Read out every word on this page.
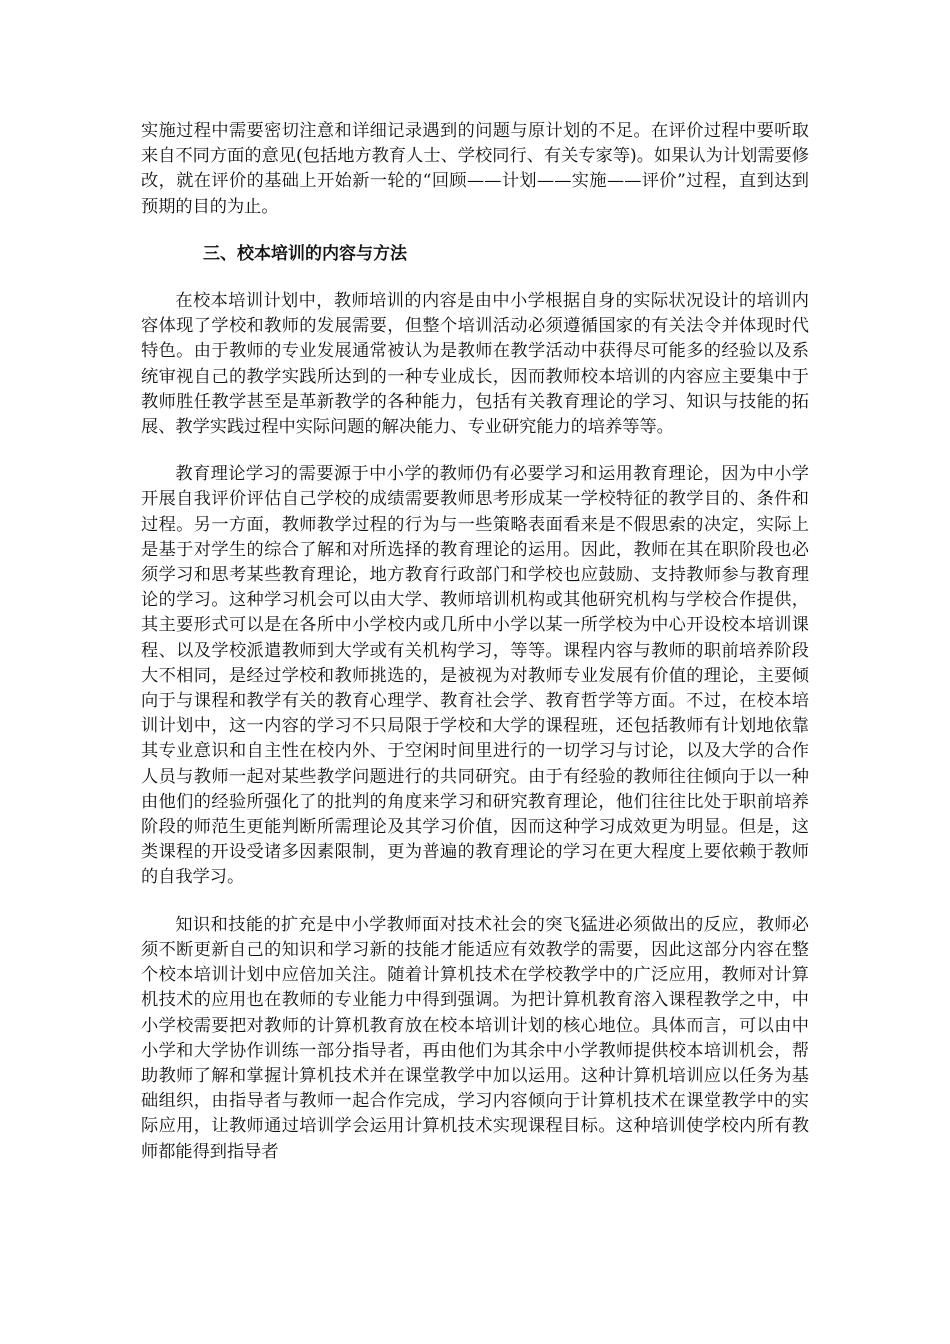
实施过程中需要密切注意和详细记录遇到的问题与原计划的不足。在评价过程中要听取来自不同方面的意见(包括地方教育人士、学校同行、有关专家等)。如果认为计划需要修改，就在评价的基础上开始新一轮的“回顾——计划——实施——评价”过程，直到达到预期的目的为止。

三、校本培训的内容与方法

在校本培训计划中，教师培训的内容是由中小学根据自身的实际状况设计的培训内容体现了学校和教师的发展需要，但整个培训活动必须遵循国家的有关法令并体现时代特色。由于教师的专业发展通常被认为是教师在教学活动中获得尽可能多的经验以及系统审视自己的教学实践所达到的一种专业成长，因而教师校本培训的内容应主要集中于教师胜任教学甚至是革新教学的各种能力，包括有关教育理论的学习、知识与技能的拓展、教学实践过程中实际问题的解决能力、专业研究能力的培养等等。

教育理论学习的需要源于中小学的教师仍有必要学习和运用教育理论，因为中小学开展自我评价评估自己学校的成绩需要教师思考形成某一学校特征的教学目的、条件和过程。另一方面，教师教学过程的行为与一些策略表面看来是不假思索的决定，实际上是基于对学生的综合了解和对所选择的教育理论的运用。因此，教师在其在职阶段也必须学习和思考某些教育理论，地方教育行政部门和学校也应鼓励、支持教师参与教育理论的学习。这种学习机会可以由大学、教师培训机构或其他研究机构与学校合作提供，其主要形式可以是在各所中小学校内或几所中小学以某一所学校为中心开设校本培训课程、以及学校派遣教师到大学或有关机构学习，等等。课程内容与教师的职前培养阶段大不相同，是经过学校和教师挑选的，是被视为对教师专业发展有价值的理论，主要倾向于与课程和教学有关的教育心理学、教育社会学、教育哲学等方面。不过，在校本培训计划中，这一内容的学习不只局限于学校和大学的课程班，还包括教师有计划地依靠其专业意识和自主性在校内外、于空闲时间里进行的一切学习与讨论，以及大学的合作人员与教师一起对某些教学问题进行的共同研究。由于有经验的教师往往倾向于以一种由他们的经验所强化了的批判的角度来学习和研究教育理论，他们往往比处于职前培养阶段的师范生更能判断所需理论及其学习价值，因而这种学习成效更为明显。但是，这类课程的开设受诸多因素限制，更为普遍的教育理论的学习在更大程度上要依赖于教师的自我学习。

知识和技能的扩充是中小学教师面对技术社会的突飞猛进必须做出的反应，教师必须不断更新自己的知识和学习新的技能才能适应有效教学的需要，因此这部分内容在整个校本培训计划中应倍加关注。随着计算机技术在学校教学中的广泛应用，教师对计算机技术的应用也在教师的专业能力中得到强调。为把计算机教育溶入课程教学之中，中小学校需要把对教师的计算机教育放在校本培训计划的核心地位。具体而言，可以由中小学和大学协作训练一部分指导者，再由他们为其余中小学教师提供校本培训机会，帮助教师了解和掌握计算机技术并在课堂教学中加以运用。这种计算机培训应以任务为基础组织，由指导者与教师一起合作完成，学习内容倾向于计算机技术在课堂教学中的实际应用，让教师通过培训学会运用计算机技术实现课程目标。这种培训使学校内所有教师都能得到指导者
